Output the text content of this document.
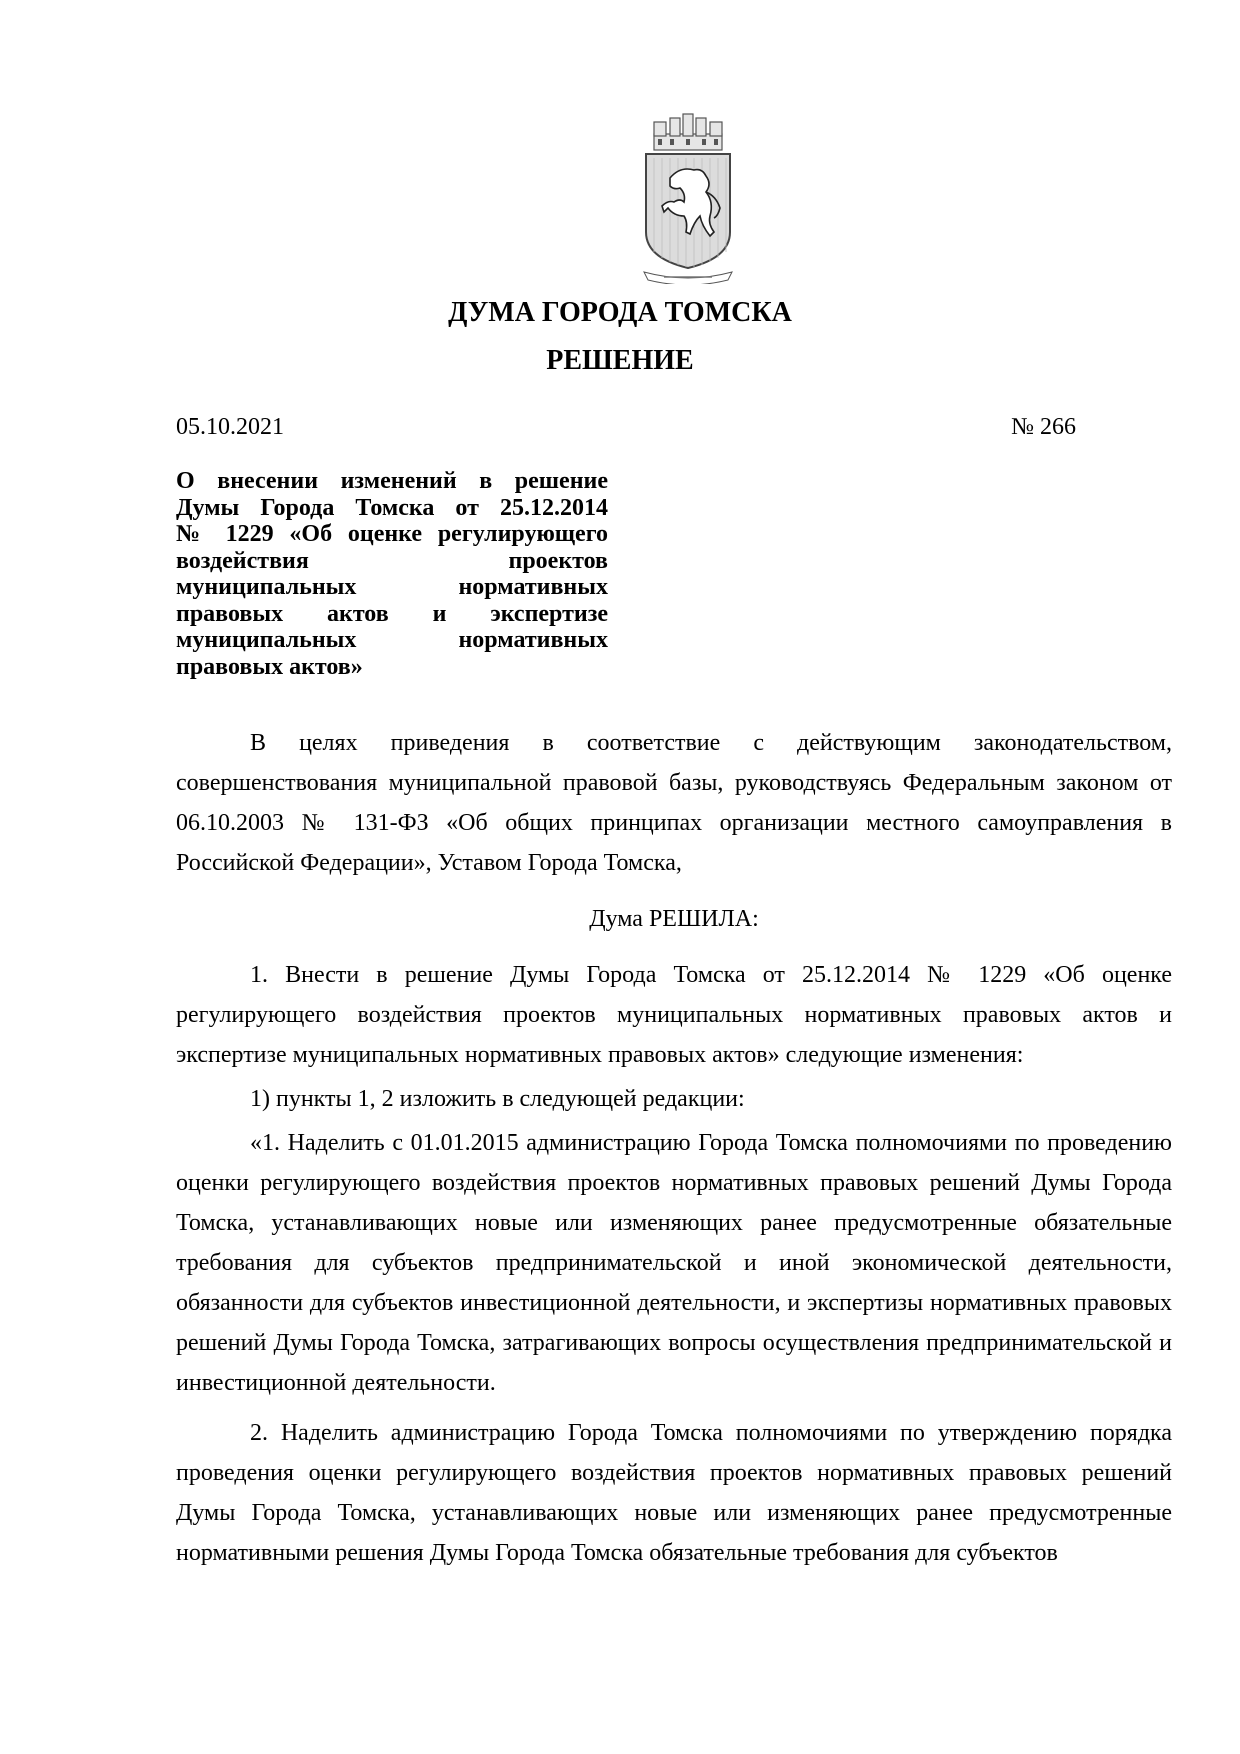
ДУМА ГОРОДА ТОМСКА
РЕШЕНИЕ
05.10.2021	№ 266
О внесении изменений в решение
Думы Города Томска от 25.12.2014
№ 1229 «Об оценке регулирующего
воздействия проектов
муниципальных нормативных
правовых актов и экспертизе
муниципальных нормативных
правовых актов»

В целях приведения в соответствие с действующим законодательством, совершенствования муниципальной правовой базы, руководствуясь Федеральным законом от 06.10.2003 № 131-ФЗ «Об общих принципах организации местного самоуправления в Российской Федерации», Уставом Города Томска,

Дума РЕШИЛА:

1. Внести в решение Думы Города Томска от 25.12.2014 № 1229 «Об оценке регулирующего воздействия проектов муниципальных нормативных правовых актов и экспертизе муниципальных нормативных правовых актов» следующие изменения:

1) пункты 1, 2 изложить в следующей редакции:

«1. Наделить с 01.01.2015 администрацию Города Томска полномочиями по проведению оценки регулирующего воздействия проектов нормативных правовых решений Думы Города Томска, устанавливающих новые или изменяющих ранее предусмотренные обязательные требования для субъектов предпринимательской и иной экономической деятельности, обязанности для субъектов инвестиционной деятельности, и экспертизы нормативных правовых решений Думы Города Томска, затрагивающих вопросы осуществления предпринимательской и инвестиционной деятельности.

2. Наделить администрацию Города Томска полномочиями по утверждению порядка проведения оценки регулирующего воздействия проектов нормативных правовых решений Думы Города Томска, устанавливающих новые или изменяющих ранее предусмотренные нормативными решения Думы Города Томска обязательные требования для субъектов
